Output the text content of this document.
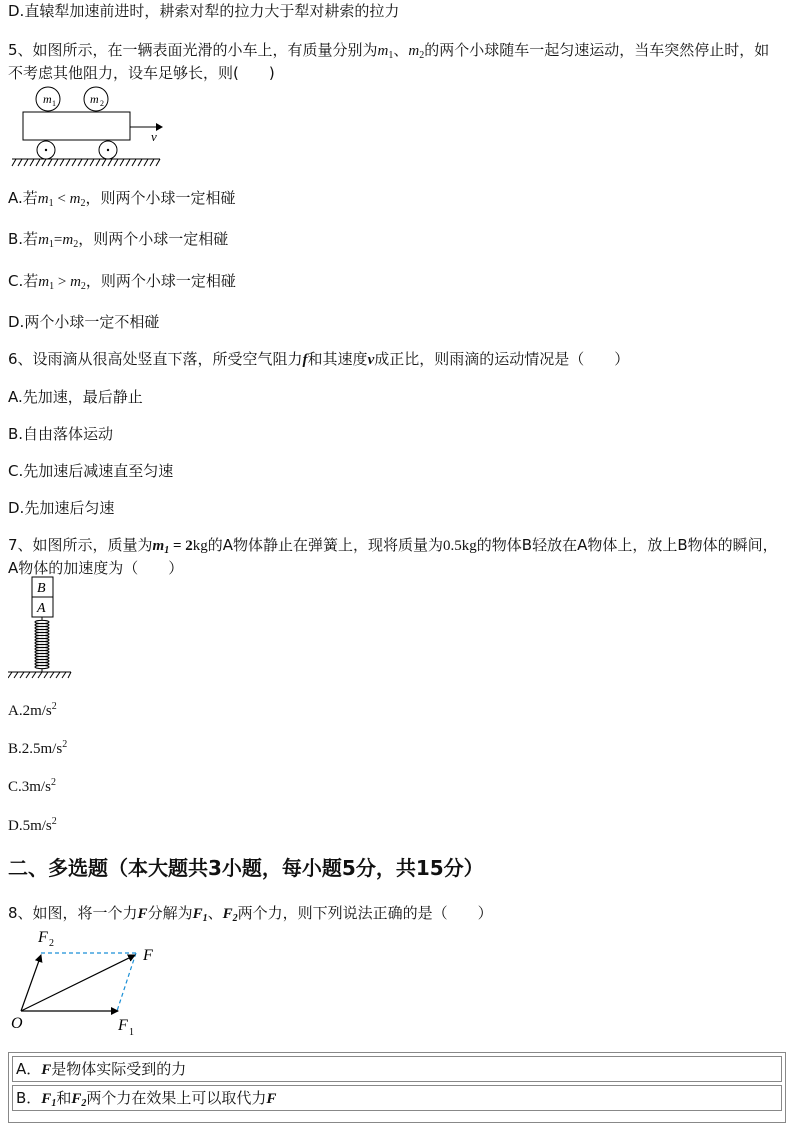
D.直辕犁加速前进时，耕索对犁的拉力大于犁对耕索的拉力
5、如图所示，在一辆表面光滑的小车上，有质量分别为$m_1$、$m_2$的两个小球随车一起匀速运动，当车突然停止时，如不考虑其他阻力，设车足够长，则(　　)
m 1	m 2
v
A.若$m_1 < m_2$，则两个小球一定相碰
B.若$m_1=m_2$，则两个小球一定相碰
C.若$m_1 > m_2$，则两个小球一定相碰
D.两个小球一定不相碰
6、设雨滴从很高处竖直下落，所受空气阻力f和其速度v成正比，则雨滴的运动情况是（　　）
A.先加速，最后静止
B.自由落体运动
C.先加速后减速直至匀速
D.先加速后匀速
7、如图所示，质量为$m_1 = 2kg$的A物体静止在弹簧上，现将质量为0.5kg的物体B轻放在A物体上，放上B物体的瞬间，A物体的加速度为（　　）
B
A
$A.2m/s^2$
$B.2.5m/s^2$
$C.3m/s^2$
$D.5m/s^2$
二、多选题（本大题共3小题，每小题5分，共15分）
8、如图，将一个力F分解为$F_1$、$F_2$两个力，则下列说法正确的是（　　）
F 2
F
O	F 1
A．F是物体实际受到的力
B．$F_1$和$F_2$两个力在效果上可以取代力F
